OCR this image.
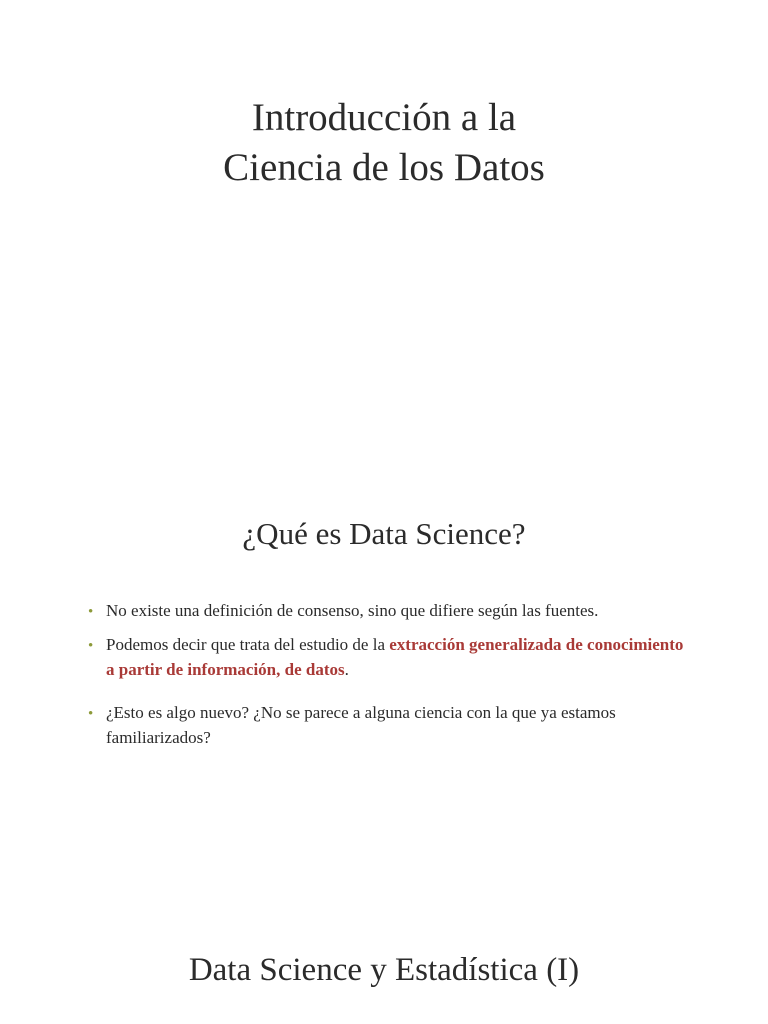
Introducción a la
Ciencia de los Datos
¿Qué es Data Science?
• No existe una definición de consenso, sino que difiere según las fuentes.
• Podemos decir que trata del estudio de la extracción generalizada de conocimiento a partir de información, de datos.
• ¿Esto es algo nuevo? ¿No se parece a alguna ciencia con la que ya estamos familiarizados?
Data Science y Estadística (I)
